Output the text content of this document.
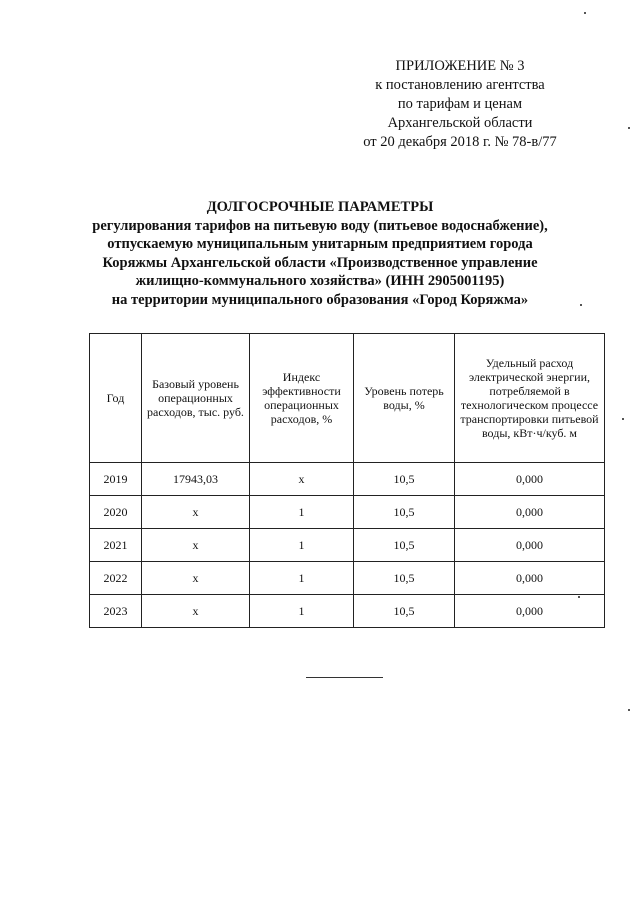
ПРИЛОЖЕНИЕ № 3
к постановлению агентства
по тарифам и ценам
Архангельской области
от 20 декабря 2018 г. № 78-в/77
ДОЛГОСРОЧНЫЕ ПАРАМЕТРЫ
регулирования тарифов на питьевую воду (питьевое водоснабжение),
отпускаемую муниципальным унитарным предприятием города
Коряжмы Архангельской области «Производственное управление
жилищно-коммунального хозяйства» (ИНН 2905001195)
на территории муниципального образования «Город Коряжма»
Год	Базовый уровень операционных расходов, тыс. руб.	Индекс эффективности операционных расходов, %	Уровень потерь воды, %	Удельный расход электрической энергии, потребляемой в технологическом процессе транспортировки питьевой воды, кВт·ч/куб. м
2019	17943,03	х	10,5	0,000
2020	х	1	10,5	0,000
2021	х	1	10,5	0,000
2022	х	1	10,5	0,000
2023	х	1	10,5	0,000
